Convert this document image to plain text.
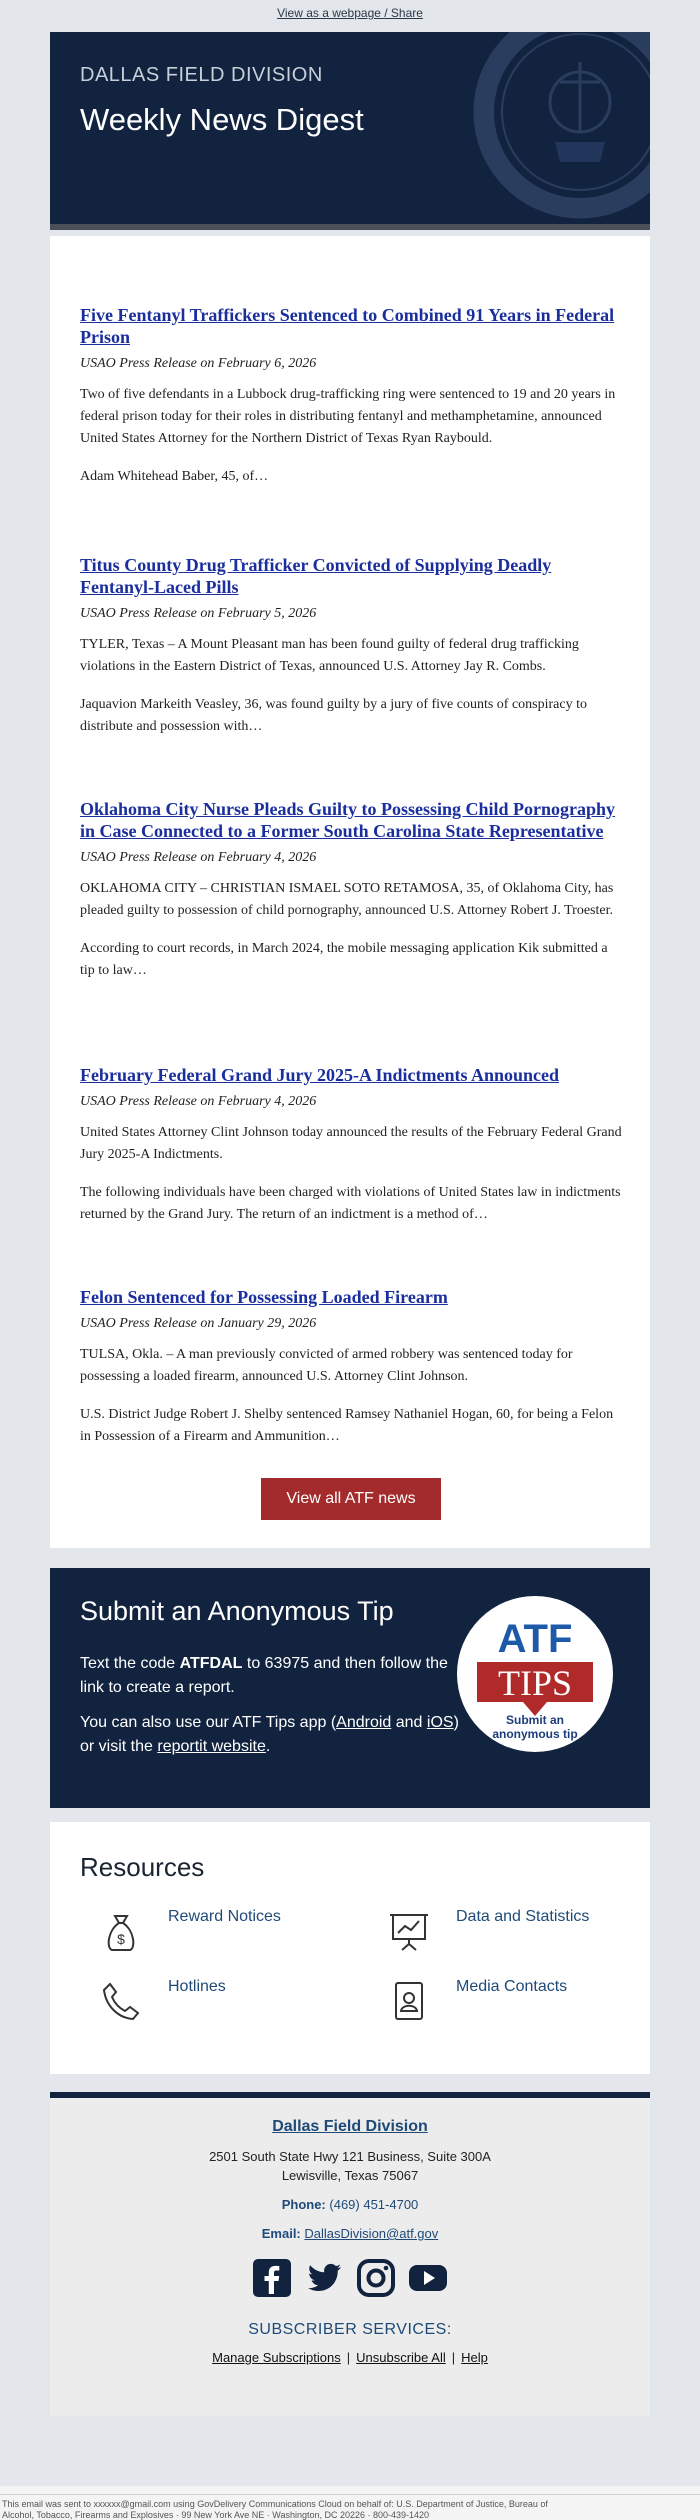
View as a webpage / Share
DALLAS FIELD DIVISION
Weekly News Digest
Five Fentanyl Traffickers Sentenced to Combined 91 Years in Federal Prison
USAO Press Release on February 6, 2026

Two of five defendants in a Lubbock drug-trafficking ring were sentenced to 19 and 20 years in federal prison today for their roles in distributing fentanyl and methamphetamine, announced United States Attorney for the Northern District of Texas Ryan Raybould.

Adam Whitehead Baber, 45, of…

Titus County Drug Trafficker Convicted of Supplying Deadly Fentanyl-Laced Pills
USAO Press Release on February 5, 2026

TYLER, Texas – A Mount Pleasant man has been found guilty of federal drug trafficking violations in the Eastern District of Texas, announced U.S. Attorney Jay R. Combs.

Jaquavion Markeith Veasley, 36, was found guilty by a jury of five counts of conspiracy to distribute and possession with…

Oklahoma City Nurse Pleads Guilty to Possessing Child Pornography in Case Connected to a Former South Carolina State Representative
USAO Press Release on February 4, 2026

OKLAHOMA CITY – CHRISTIAN ISMAEL SOTO RETAMOSA, 35, of Oklahoma City, has pleaded guilty to possession of child pornography, announced U.S. Attorney Robert J. Troester.

According to court records, in March 2024, the mobile messaging application Kik submitted a tip to law…

February Federal Grand Jury 2025-A Indictments Announced
USAO Press Release on February 4, 2026

United States Attorney Clint Johnson today announced the results of the February Federal Grand Jury 2025-A Indictments.

The following individuals have been charged with violations of United States law in indictments returned by the Grand Jury. The return of an indictment is a method of…

Felon Sentenced for Possessing Loaded Firearm
USAO Press Release on January 29, 2026

TULSA, Okla. – A man previously convicted of armed robbery was sentenced today for possessing a loaded firearm, announced U.S. Attorney Clint Johnson.

U.S. District Judge Robert J. Shelby sentenced Ramsey Nathaniel Hogan, 60, for being a Felon in Possession of a Firearm and Ammunition…

View all ATF news
Submit an Anonymous Tip
Text the code ATFDAL to 63975 and then follow the link to create a report.
You can also use our ATF Tips app (Android and iOS) or visit the reportit website.
ATF
TIPS
Submit an
anonymous tip
Resources
$
Reward Notices	Data and Statistics
Hotlines	Media Contacts
Dallas Field Division
2501 South State Hwy 121 Business, Suite 300A
Lewisville, Texas 75067
Phone: (469) 451-4700
Email: DallasDivision@atf.gov
SUBSCRIBER SERVICES:
Manage Subscriptions | Unsubscribe All | Help
This email was sent to xxxxxx@gmail.com using GovDelivery Communications Cloud on behalf of: U.S. Department of Justice, Bureau of
Alcohol, Tobacco, Firearms and Explosives · 99 New York Ave NE · Washington, DC 20226 · 800-439-1420
